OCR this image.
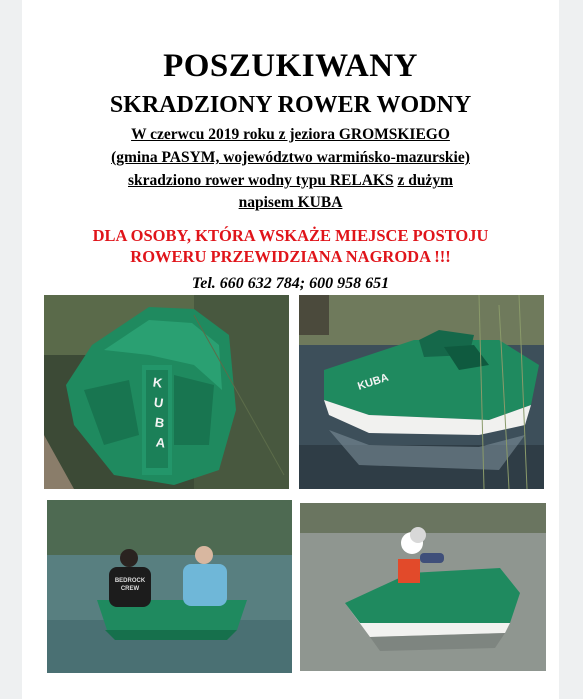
POSZUKIWANY
SKRADZIONY ROWER WODNY
W czerwcu 2019 roku z jeziora GROMSKIEGO
(gmina PASYM, województwo warmińsko-mazurskie)
skradziono rower wodny typu RELAKS z dużym
napisem KUBA
DLA OSOBY, KTÓRA WSKAŻE MIEJSCE POSTOJU
ROWERU PRZEWIDZIANA NAGRODA !!!
Tel. 660 632 784; 600 958 651
K
U
B
A
KUBA
BEDROCK
CREW
